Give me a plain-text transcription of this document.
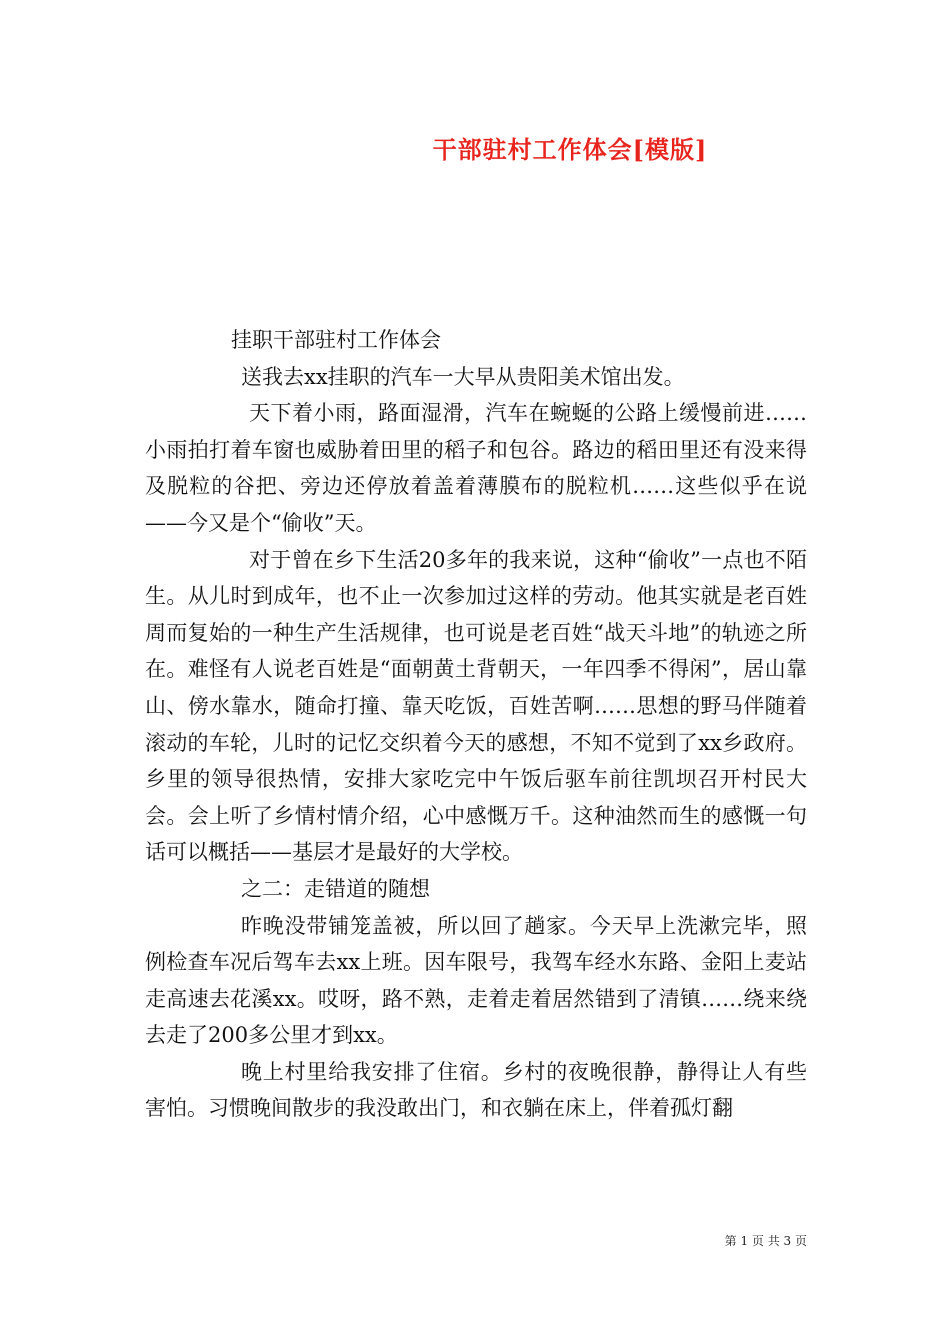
干部驻村工作体会[模版]

挂职干部驻村工作体会

送我去xx挂职的汽车一大早从贵阳美术馆出发。

天下着小雨，路面湿滑，汽车在蜿蜒的公路上缓慢前进……小雨拍打着车窗也威胁着田里的稻子和包谷。路边的稻田里还有没来得及脱粒的谷把、旁边还停放着盖着薄膜布的脱粒机……这些似乎在说——今又是个“偷收”天。

对于曾在乡下生活20多年的我来说，这种“偷收”一点也不陌生。从儿时到成年，也不止一次参加过这样的劳动。他其实就是老百姓周而复始的一种生产生活规律，也可说是老百姓“战天斗地”的轨迹之所在。难怪有人说老百姓是“面朝黄土背朝天，一年四季不得闲”，居山靠山、傍水靠水，随命打撞、靠天吃饭，百姓苦啊……思想的野马伴随着滚动的车轮，儿时的记忆交织着今天的感想，不知不觉到了xx乡政府。乡里的领导很热情，安排大家吃完中午饭后驱车前往凯坝召开村民大会。会上听了乡情村情介绍，心中感慨万千。这种油然而生的感慨一句话可以概括——基层才是最好的大学校。

之二：走错道的随想

昨晚没带铺笼盖被，所以回了趟家。今天早上洗漱完毕，照例检查车况后驾车去xx上班。因车限号，我驾车经水东路、金阳上麦站走高速去花溪xx。哎呀，路不熟，走着走着居然错到了清镇……绕来绕去走了200多公里才到xx。

晚上村里给我安排了住宿。乡村的夜晚很静，静得让人有些害怕。习惯晚间散步的我没敢出门，和衣躺在床上，伴着孤灯翻

第 1 页 共 3 页
